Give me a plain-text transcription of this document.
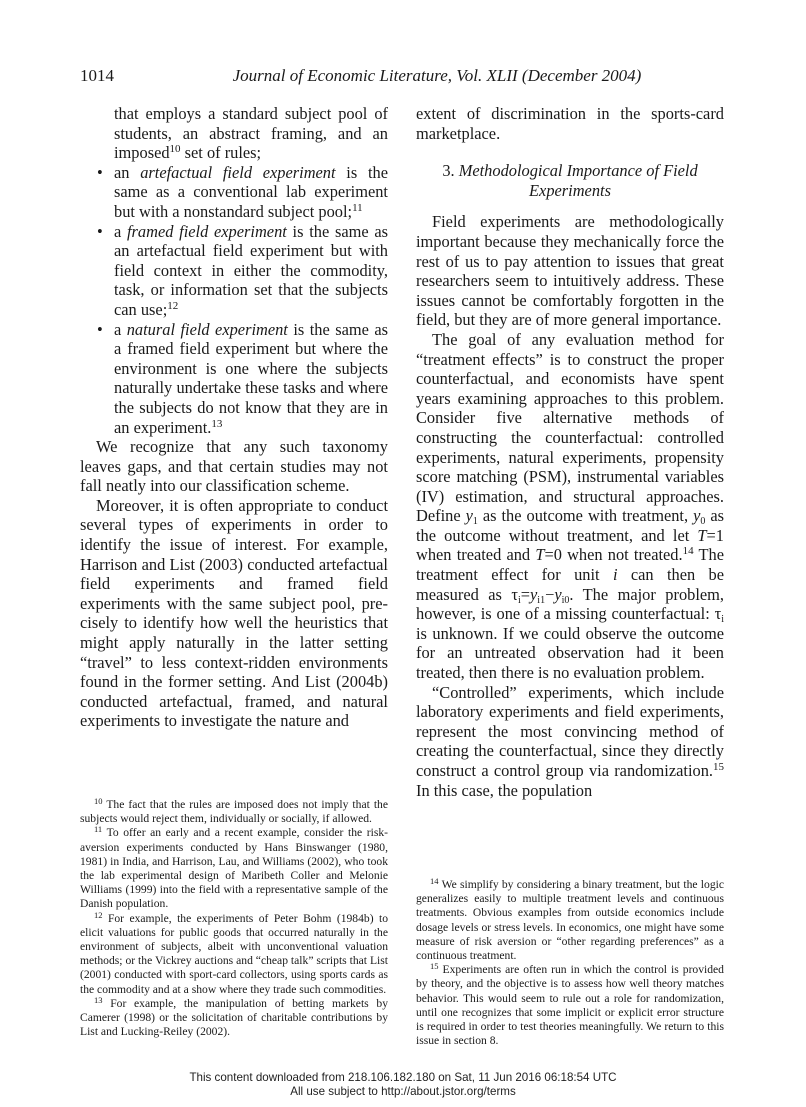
1014	Journal of Economic Literature, Vol. XLII (December 2004)
that employs a standard subject pool of students, an abstract framing, and an imposed$^{10}$ set of rules;
• an artefactual field experiment is the same as a conventional lab experiment but with a nonstandard subject pool;$^{11}$
• a framed field experiment is the same as an artefactual field experiment but with field context in either the commodity, task, or information set that the subjects can use;$^{12}$
• a natural field experiment is the same as a framed field experiment but where the environment is one where the subjects naturally undertake these tasks and where the subjects do not know that they are in an experiment.$^{13}$

We recognize that any such taxonomy leaves gaps, and that certain studies may not fall neatly into our classification scheme.

Moreover, it is often appropriate to conduct several types of experiments in order to identify the issue of interest. For example, Harrison and List (2003) conducted artefactual field experiments and framed field experiments with the same subject pool, precisely to identify how well the heuristics that might apply naturally in the latter setting “travel” to less context-ridden environments found in the former setting. And List (2004b) conducted artefactual, framed, and natural experiments to investigate the nature and

extent of discrimination in the sports-card marketplace.

3. Methodological Importance of Field Experiments

Field experiments are methodologically important because they mechanically force the rest of us to pay attention to issues that great researchers seem to intuitively address. These issues cannot be comfortably forgotten in the field, but they are of more general importance.

The goal of any evaluation method for “treatment effects” is to construct the proper counterfactual, and economists have spent years examining approaches to this problem. Consider five alternative methods of constructing the counterfactual: controlled experiments, natural experiments, propensity score matching (PSM), instrumental variables (IV) estimation, and structural approaches. Define $y_1$ as the outcome with treatment, $y_0$ as the outcome without treatment, and let T=1 when treated and T=0 when not treated.$^{14}$ The treatment effect for unit i can then be measured as $\tau_i=y_{i1}-y_{i0}$. The major problem, however, is one of a missing counterfactual: $\tau_i$ is unknown. If we could observe the outcome for an untreated observation had it been treated, then there is no evaluation problem.

“Controlled” experiments, which include laboratory experiments and field experiments, represent the most convincing method of creating the counterfactual, since they directly construct a control group via randomization.$^{15}$ In this case, the population

$^{10}$ The fact that the rules are imposed does not imply that the subjects would reject them, individually or socially, if allowed.

$^{11}$ To offer an early and a recent example, consider the risk-aversion experiments conducted by Hans Binswanger (1980, 1981) in India, and Harrison, Lau, and Williams (2002), who took the lab experimental design of Maribeth Coller and Melonie Williams (1999) into the field with a representative sample of the Danish population.

$^{12}$ For example, the experiments of Peter Bohm (1984b) to elicit valuations for public goods that occurred naturally in the environment of subjects, albeit with unconventional valuation methods; or the Vickrey auctions and “cheap talk” scripts that List (2001) conducted with sport-card collectors, using sports cards as the commodity and at a show where they trade such commodities.

$^{13}$ For example, the manipulation of betting markets by Camerer (1998) or the solicitation of charitable contributions by List and Lucking-Reiley (2002).

$^{14}$ We simplify by considering a binary treatment, but the logic generalizes easily to multiple treatment levels and continuous treatments. Obvious examples from outside economics include dosage levels or stress levels. In economics, one might have some measure of risk aversion or “other regarding preferences” as a continuous treatment.

$^{15}$ Experiments are often run in which the control is provided by theory, and the objective is to assess how well theory matches behavior. This would seem to rule out a role for randomization, until one recognizes that some implicit or explicit error structure is required in order to test theories meaningfully. We return to this issue in section 8.

This content downloaded from 218.106.182.180 on Sat, 11 Jun 2016 06:18:54 UTC
All use subject to http://about.jstor.org/terms
